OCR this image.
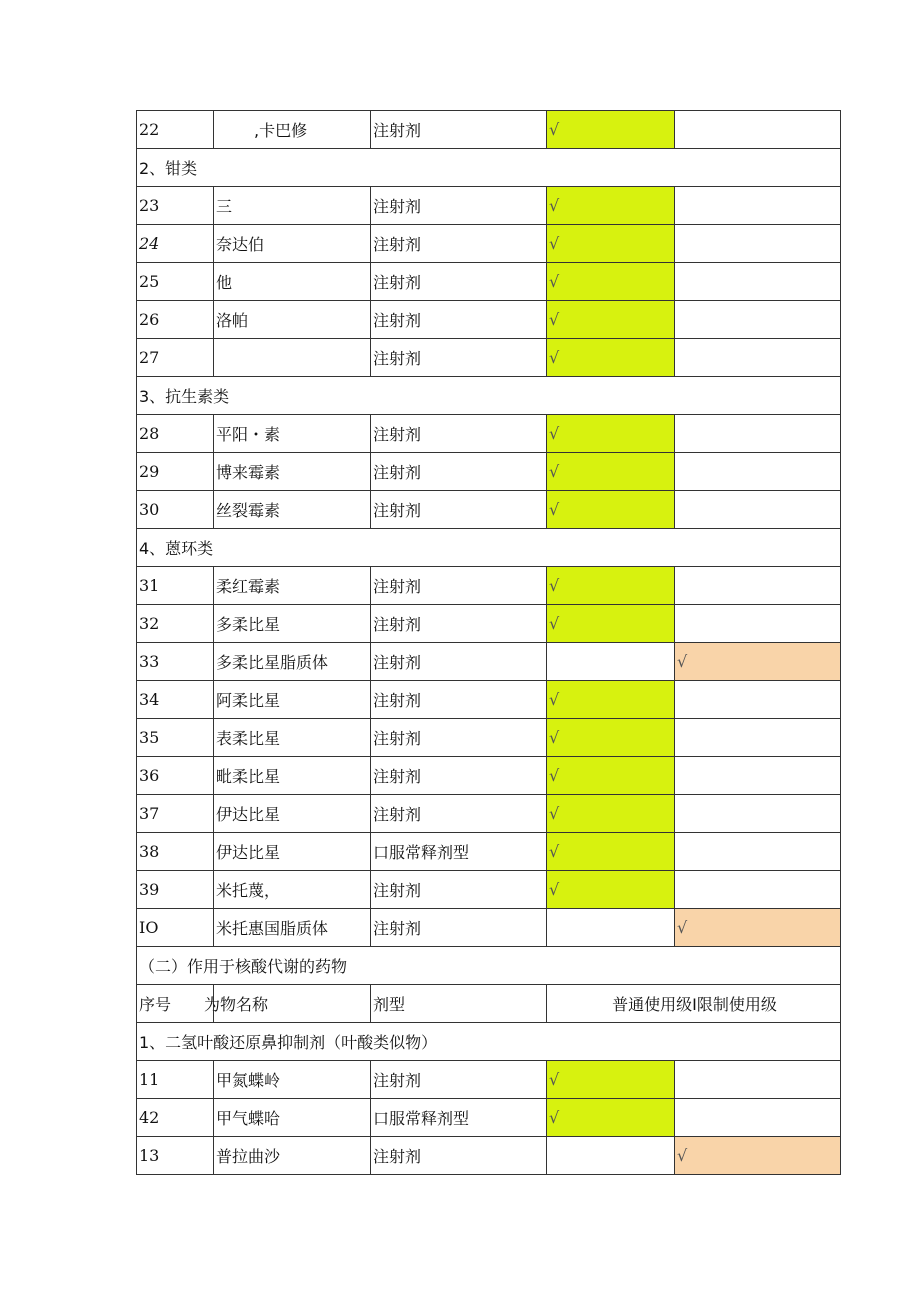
22	,卡巴修	注射剂	√	
2、钳类				
23	三	注射剂	√	
24	奈达伯	注射剂	√	
25	他	注射剂	√	
26	洛帕	注射剂	√	
27		注射剂	√	
3、抗生素类				
28	平阳・素	注射剂	√	
29	博来霉素	注射剂	√	
30	丝裂霉素	注射剂	√	
4、蒽环类				
31	柔红霉素	注射剂	√	
32	多柔比星	注射剂	√	
33	多柔比星脂质体	注射剂		√
34	阿柔比星	注射剂	√	
35	表柔比星	注射剂	√	
36	毗柔比星	注射剂	√	
37	伊达比星	注射剂	√	
38	伊达比星	口服常释剂型	√	
39	米托蔑，	注射剂	√	
IO	米托惠国脂质体	注射剂		√
（二）作用于核酸代谢的药物				
序号	为物名称	剂型	普通使用级I限制使用级	
1、二氢叶酸还原鼻抑制剂（叶酸类似物）				
11	甲氮蝶岭	注射剂	√	
42	甲气蝶哈	口服常释剂型	√	
13	普拉曲沙	注射剂		√
